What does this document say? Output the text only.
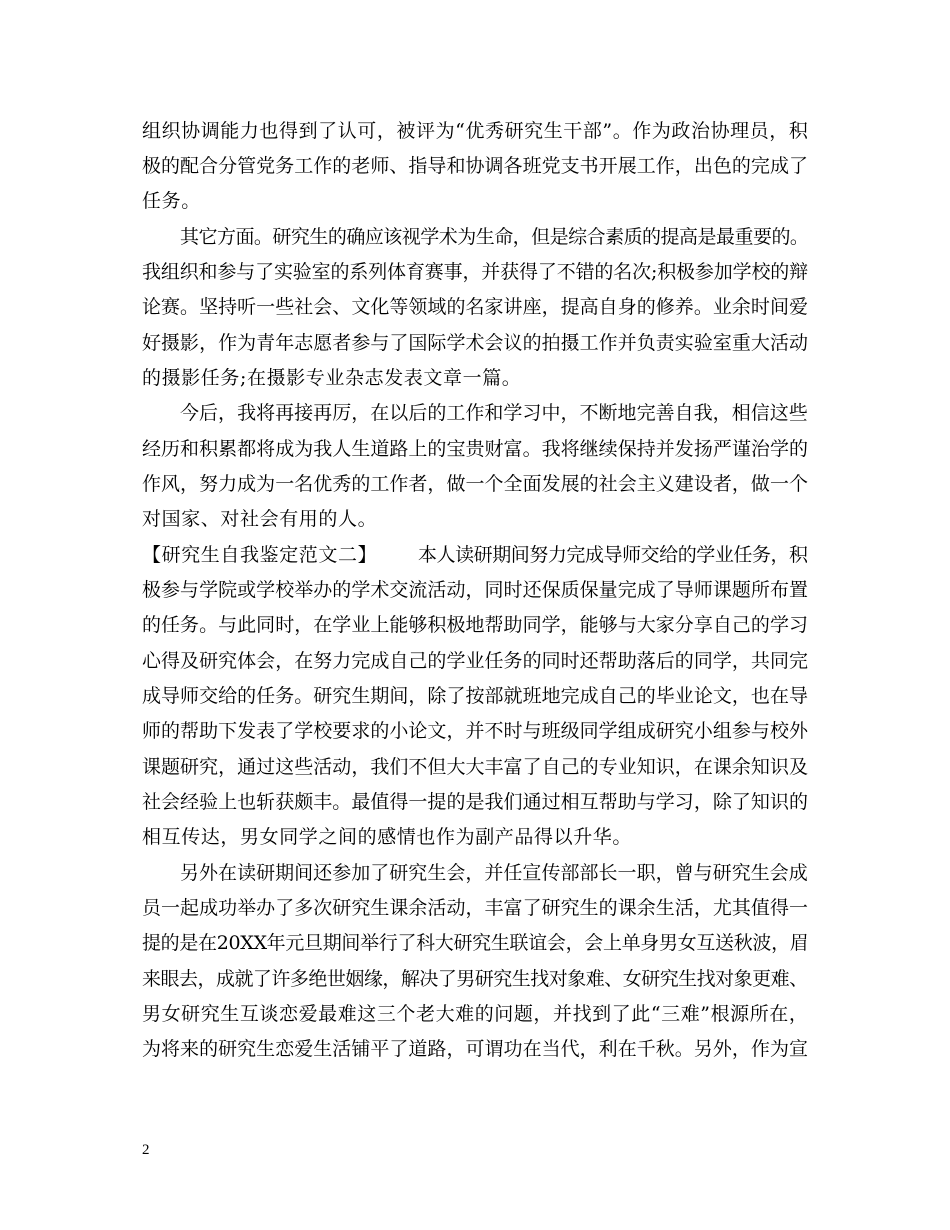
组织协调能力也得到了认可，被评为“优秀研究生干部”。作为政治协理员，积
极的配合分管党务工作的老师、指导和协调各班党支书开展工作，出色的完成了
任务。
其它方面。研究生的确应该视学术为生命，但是综合素质的提高是最重要的。
我组织和参与了实验室的系列体育赛事，并获得了不错的名次;积极参加学校的辩
论赛。坚持听一些社会、文化等领域的名家讲座，提高自身的修养。业余时间爱
好摄影，作为青年志愿者参与了国际学术会议的拍摄工作并负责实验室重大活动
的摄影任务;在摄影专业杂志发表文章一篇。
今后，我将再接再厉，在以后的工作和学习中，不断地完善自我，相信这些
经历和积累都将成为我人生道路上的宝贵财富。我将继续保持并发扬严谨治学的
作风，努力成为一名优秀的工作者，做一个全面发展的社会主义建设者，做一个
对国家、对社会有用的人。
【研究生自我鉴定范文二】 本人读研期间努力完成导师交给的学业任务，积
极参与学院或学校举办的学术交流活动，同时还保质保量完成了导师课题所布置
的任务。与此同时，在学业上能够积极地帮助同学，能够与大家分享自己的学习
心得及研究体会，在努力完成自己的学业任务的同时还帮助落后的同学，共同完
成导师交给的任务。研究生期间，除了按部就班地完成自己的毕业论文，也在导
师的帮助下发表了学校要求的小论文，并不时与班级同学组成研究小组参与校外
课题研究，通过这些活动，我们不但大大丰富了自己的专业知识，在课余知识及
社会经验上也斩获颇丰。最值得一提的是我们通过相互帮助与学习，除了知识的
相互传达，男女同学之间的感情也作为副产品得以升华。
另外在读研期间还参加了研究生会，并任宣传部部长一职，曾与研究生会成
员一起成功举办了多次研究生课余活动，丰富了研究生的课余生活，尤其值得一
提的是在20XX年元旦期间举行了科大研究生联谊会，会上单身男女互送秋波，眉
来眼去，成就了许多绝世姻缘，解决了男研究生找对象难、女研究生找对象更难、
男女研究生互谈恋爱最难这三个老大难的问题，并找到了此“三难”根源所在，
为将来的研究生恋爱生活铺平了道路，可谓功在当代，利在千秋。另外，作为宣
2
